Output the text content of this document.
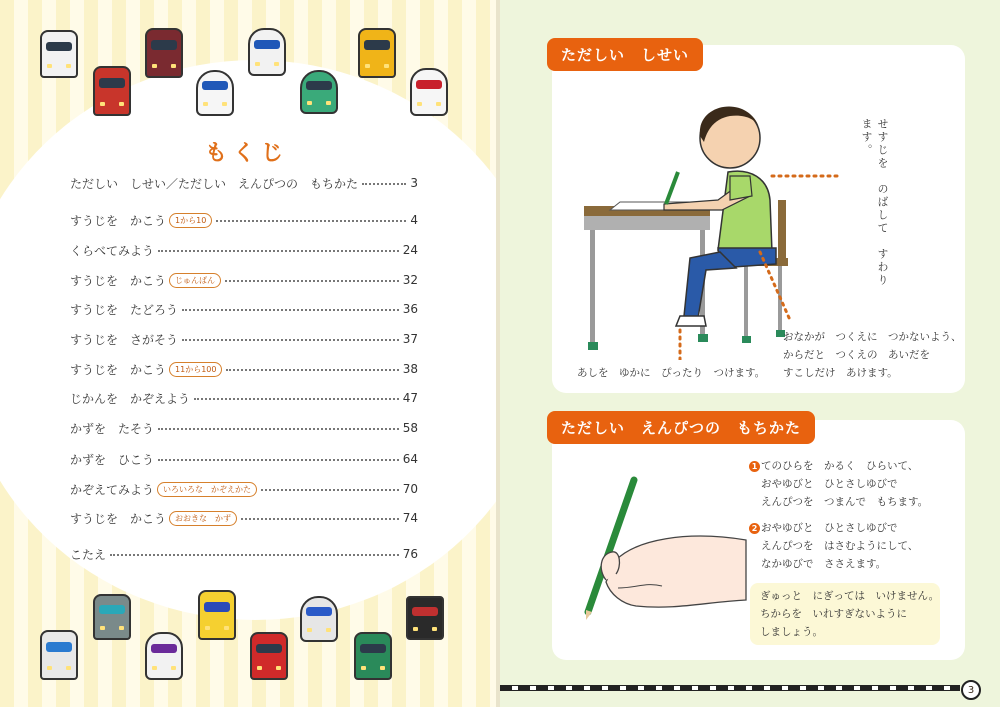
もくじ
ただしい　しせい／ただしい　えんぴつの　もちかた	3
すうじを　かこう	1から10	4
くらべてみよう	24
すうじを　かこう	じゅんばん	32
すうじを　たどろう	36
すうじを　さがそう	37
すうじを　かこう	11から100	38
じかんを　かぞえよう	47
かずを　たそう	58
かずを　ひこう	64
かぞえてみよう	いろいろな　かぞえかた	70
すうじを　かこう	おおきな　かず	74
こたえ	76
ただしい　しせい
せすじを　のばして　すわります。
あしを　ゆかに　ぴったり　つけます。
おなかが　つくえに　つかないよう、
からだと　つくえの　あいだを
すこしだけ　あけます。
ただしい　えんぴつの　もちかた
1 てのひらを　かるく　ひらいて、
おやゆびと　ひとさしゆびで
えんぴつを　つまんで　もちます。
2 おやゆびと　ひとさしゆびで
えんぴつを　はさむようにして、
なかゆびで　ささえます。
ぎゅっと　にぎっては　いけません。
ちからを　いれすぎないように
しましょう。
3
